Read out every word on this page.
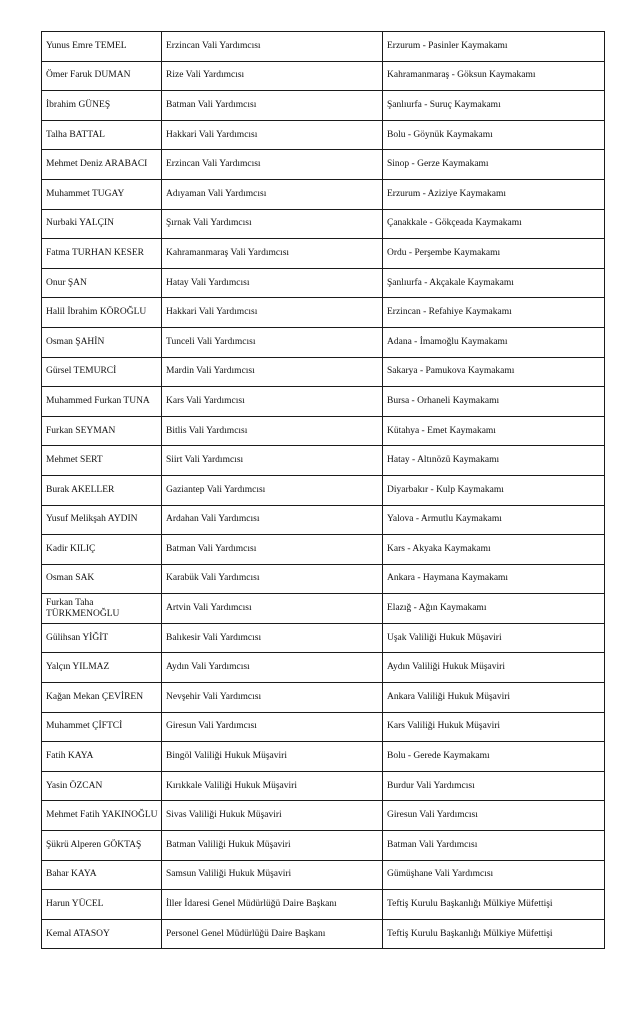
Yunus Emre TEMEL	Erzincan Vali Yardımcısı	Erzurum - Pasinler Kaymakamı
Ömer Faruk DUMAN	Rize Vali Yardımcısı	Kahramanmaraş - Göksun Kaymakamı
İbrahim GÜNEŞ	Batman Vali Yardımcısı	Şanlıurfa - Suruç Kaymakamı
Talha BATTAL	Hakkari Vali Yardımcısı	Bolu - Göynük Kaymakamı
Mehmet Deniz ARABACI	Erzincan Vali Yardımcısı	Sinop - Gerze Kaymakamı
Muhammet TUGAY	Adıyaman Vali Yardımcısı	Erzurum - Aziziye Kaymakamı
Nurbaki YALÇIN	Şırnak Vali Yardımcısı	Çanakkale - Gökçeada Kaymakamı
Fatma TURHAN KESER	Kahramanmaraş Vali Yardımcısı	Ordu - Perşembe Kaymakamı
Onur ŞAN	Hatay Vali Yardımcısı	Şanlıurfa - Akçakale Kaymakamı
Halil İbrahim KÖROĞLU	Hakkari Vali Yardımcısı	Erzincan - Refahiye Kaymakamı
Osman ŞAHİN	Tunceli Vali Yardımcısı	Adana - İmamoğlu Kaymakamı
Gürsel TEMURCİ	Mardin Vali Yardımcısı	Sakarya - Pamukova Kaymakamı
Muhammed Furkan TUNA	Kars Vali Yardımcısı	Bursa - Orhaneli Kaymakamı
Furkan SEYMAN	Bitlis Vali Yardımcısı	Kütahya - Emet Kaymakamı
Mehmet SERT	Siirt Vali Yardımcısı	Hatay - Altınözü Kaymakamı
Burak AKELLER	Gaziantep Vali Yardımcısı	Diyarbakır - Kulp Kaymakamı
Yusuf Melikşah AYDIN	Ardahan Vali Yardımcısı	Yalova - Armutlu Kaymakamı
Kadir KILIÇ	Batman Vali Yardımcısı	Kars - Akyaka Kaymakamı
Osman SAK	Karabük Vali Yardımcısı	Ankara - Haymana Kaymakamı
Furkan Taha TÜRKMENOĞLU	Artvin Vali Yardımcısı	Elazığ - Ağın Kaymakamı
Gülihsan YİĞİT	Balıkesir Vali Yardımcısı	Uşak Valiliği Hukuk Müşaviri
Yalçın YILMAZ	Aydın Vali Yardımcısı	Aydın Valiliği Hukuk Müşaviri
Kağan Mekan ÇEVİREN	Nevşehir Vali Yardımcısı	Ankara Valiliği Hukuk Müşaviri
Muhammet ÇİFTCİ	Giresun Vali Yardımcısı	Kars Valiliği Hukuk Müşaviri
Fatih KAYA	Bingöl Valiliği Hukuk Müşaviri	Bolu - Gerede Kaymakamı
Yasin ÖZCAN	Kırıkkale Valiliği Hukuk Müşaviri	Burdur Vali Yardımcısı
Mehmet Fatih YAKINOĞLU	Sivas Valiliği Hukuk Müşaviri	Giresun Vali Yardımcısı
Şükrü Alperen GÖKTAŞ	Batman Valiliği Hukuk Müşaviri	Batman Vali Yardımcısı
Bahar KAYA	Samsun Valiliği Hukuk Müşaviri	Gümüşhane Vali Yardımcısı
Harun YÜCEL	İller İdaresi Genel Müdürlüğü Daire Başkanı	Teftiş Kurulu Başkanlığı Mülkiye Müfettişi
Kemal ATASOY	Personel Genel Müdürlüğü Daire Başkanı	Teftiş Kurulu Başkanlığı Mülkiye Müfettişi
